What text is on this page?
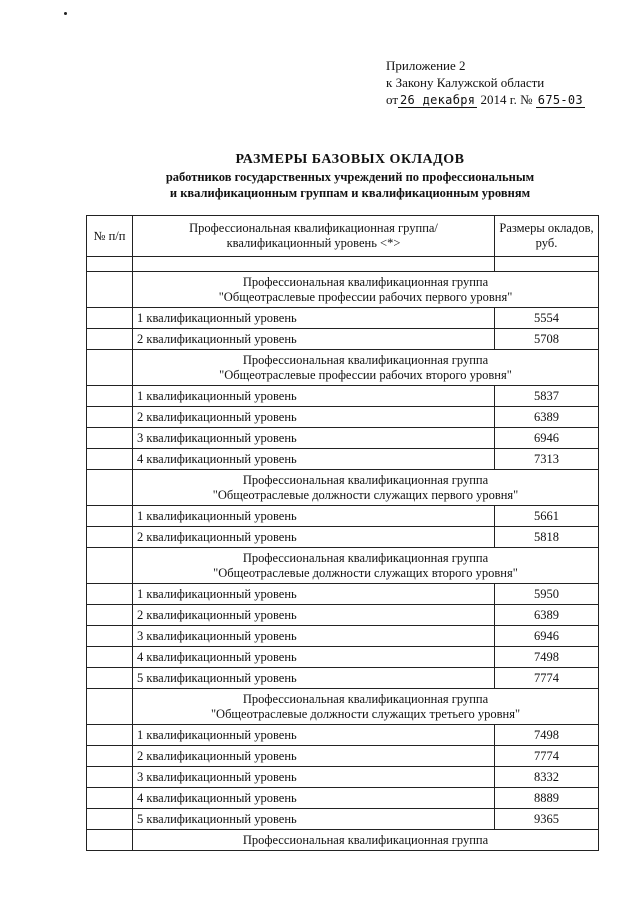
Приложение 2
к Закону Калужской области
от 26 декабря 2014 г. № 675-03
РАЗМЕРЫ БАЗОВЫХ ОКЛАДОВ
работников государственных учреждений по профессиональным
и квалификационным группам и квалификационным уровням
№ п/п	Профессиональная квалификационная группа/квалификационный уровень <*>	Размеры окладов, руб.

	Профессиональная квалификационная группа
"Общеотраслевые профессии рабочих первого уровня"	

	1 квалификационный уровень	5554
	2 квалификационный уровень	5708

	Профессиональная квалификационная группа
"Общеотраслевые профессии рабочих второго уровня"	

	1 квалификационный уровень	5837
	2 квалификационный уровень	6389
	3 квалификационный уровень	6946
	4 квалификационный уровень	7313

	Профессиональная квалификационная группа
"Общеотраслевые должности служащих первого уровня"	

	1 квалификационный уровень	5661
	2 квалификационный уровень	5818

	Профессиональная квалификационная группа
"Общеотраслевые должности служащих второго уровня"	

	1 квалификационный уровень	5950
	2 квалификационный уровень	6389
	3 квалификационный уровень	6946
	4 квалификационный уровень	7498
	5 квалификационный уровень	7774

	Профессиональная квалификационная группа
"Общеотраслевые должности служащих третьего уровня"	

	1 квалификационный уровень	7498
	2 квалификационный уровень	7774
	3 квалификационный уровень	8332
	4 квалификационный уровень	8889
	5 квалификационный уровень	9365
	Профессиональная квалификационная группа	
